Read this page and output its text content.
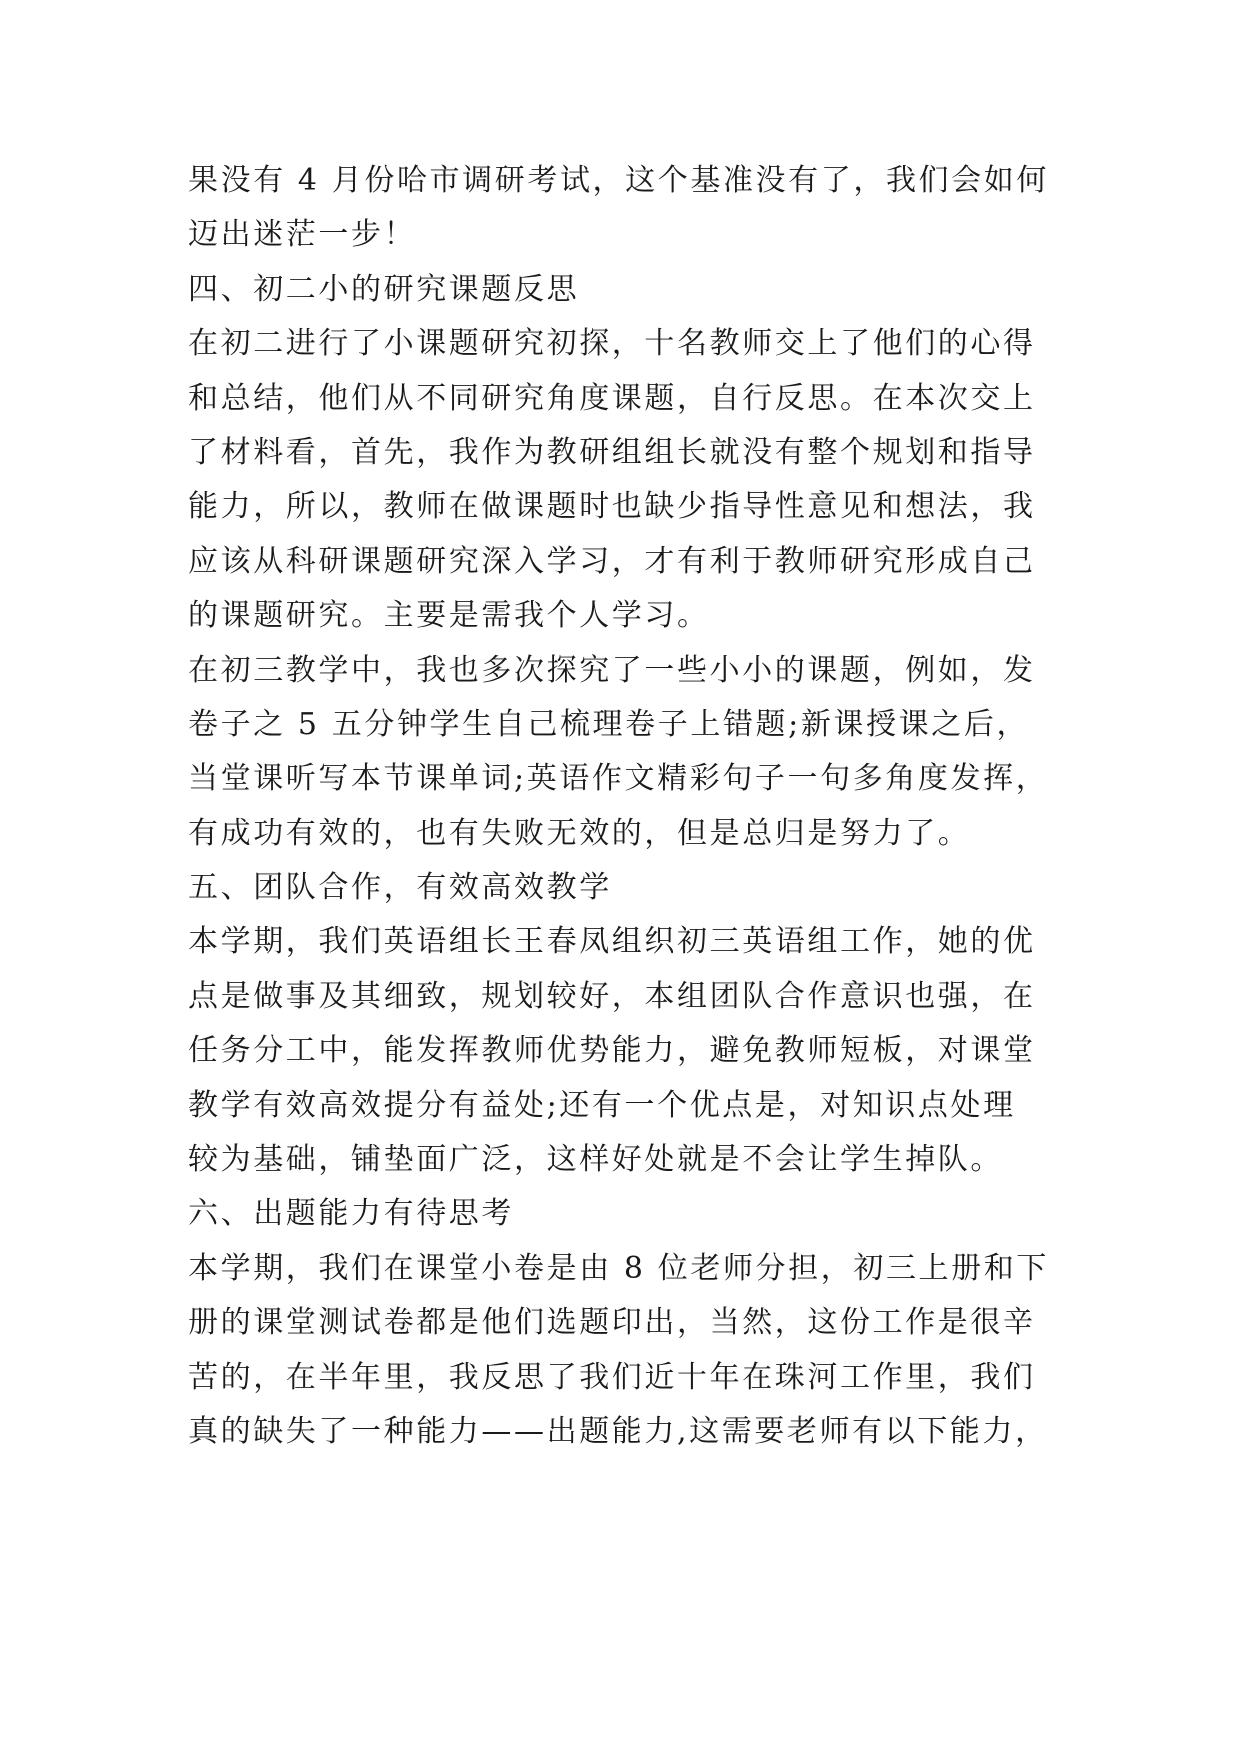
果没有 4 月份哈市调研考试，这个基准没有了，我们会如何
迈出迷茫一步！
四、初二小的研究课题反思
在初二进行了小课题研究初探，十名教师交上了他们的心得
和总结，他们从不同研究角度课题，自行反思。在本次交上
了材料看，首先，我作为教研组组长就没有整个规划和指导
能力，所以，教师在做课题时也缺少指导性意见和想法，我
应该从科研课题研究深入学习，才有利于教师研究形成自己
的课题研究。主要是需我个人学习。
在初三教学中，我也多次探究了一些小小的课题，例如，发
卷子之 5 五分钟学生自己梳理卷子上错题;新课授课之后，
当堂课听写本节课单词;英语作文精彩句子一句多角度发挥，
有成功有效的，也有失败无效的，但是总归是努力了。
五、团队合作，有效高效教学
本学期，我们英语组长王春凤组织初三英语组工作，她的优
点是做事及其细致，规划较好，本组团队合作意识也强，在
任务分工中，能发挥教师优势能力，避免教师短板，对课堂
教学有效高效提分有益处;还有一个优点是，对知识点处理
较为基础，铺垫面广泛，这样好处就是不会让学生掉队。
六、出题能力有待思考
本学期，我们在课堂小卷是由 8 位老师分担，初三上册和下
册的课堂测试卷都是他们选题印出，当然，这份工作是很辛
苦的，在半年里，我反思了我们近十年在珠河工作里，我们
真的缺失了一种能力——出题能力,这需要老师有以下能力，
